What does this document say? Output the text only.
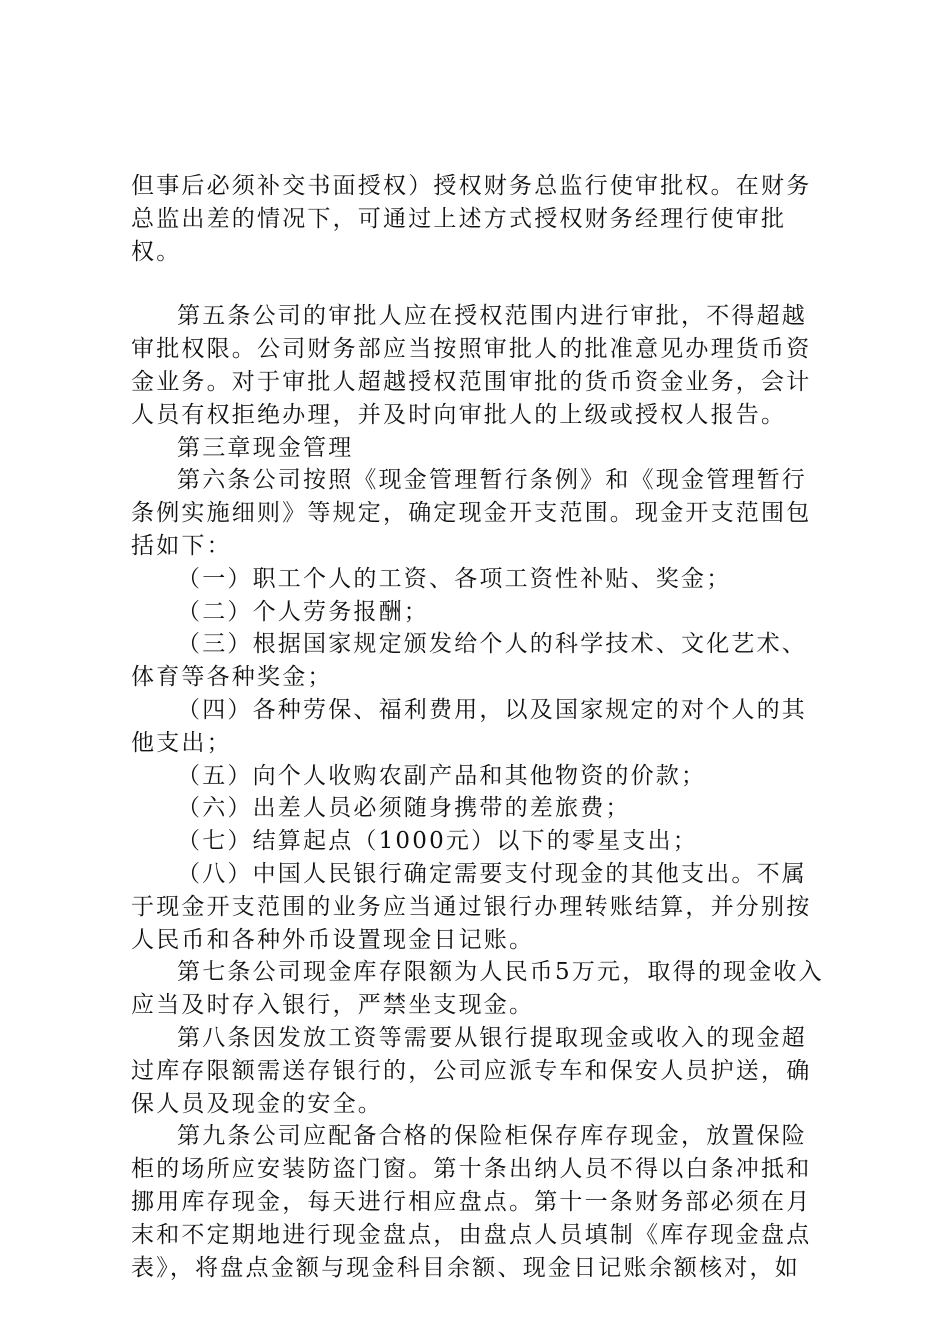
但事后必须补交书面授权）授权财务总监行使审批权。在财务总监出差的情况下，可通过上述方式授权财务经理行使审批权。

第五条公司的审批人应在授权范围内进行审批，不得超越审批权限。公司财务部应当按照审批人的批准意见办理货币资金业务。对于审批人超越授权范围审批的货币资金业务，会计人员有权拒绝办理，并及时向审批人的上级或授权人报告。

第三章现金管理

第六条公司按照《现金管理暂行条例》和《现金管理暂行条例实施细则》等规定，确定现金开支范围。现金开支范围包括如下：

（一）职工个人的工资、各项工资性补贴、奖金；

（二）个人劳务报酬；

（三）根据国家规定颁发给个人的科学技术、文化艺术、体育等各种奖金；

（四）各种劳保、福利费用，以及国家规定的对个人的其他支出；

（五）向个人收购农副产品和其他物资的价款；

（六）出差人员必须随身携带的差旅费；

（七）结算起点（1000元）以下的零星支出；

（八）中国人民银行确定需要支付现金的其他支出。不属于现金开支范围的业务应当通过银行办理转账结算，并分别按人民币和各种外币设置现金日记账。

第七条公司现金库存限额为人民币5万元，取得的现金收入应当及时存入银行，严禁坐支现金。

第八条因发放工资等需要从银行提取现金或收入的现金超过库存限额需送存银行的，公司应派专车和保安人员护送，确保人员及现金的安全。

第九条公司应配备合格的保险柜保存库存现金，放置保险柜的场所应安装防盗门窗。第十条出纳人员不得以白条冲抵和挪用库存现金，每天进行相应盘点。第十一条财务部必须在月末和不定期地进行现金盘点，由盘点人员填制《库存现金盘点表》，将盘点金额与现金科目余额、现金日记账余额核对，如
